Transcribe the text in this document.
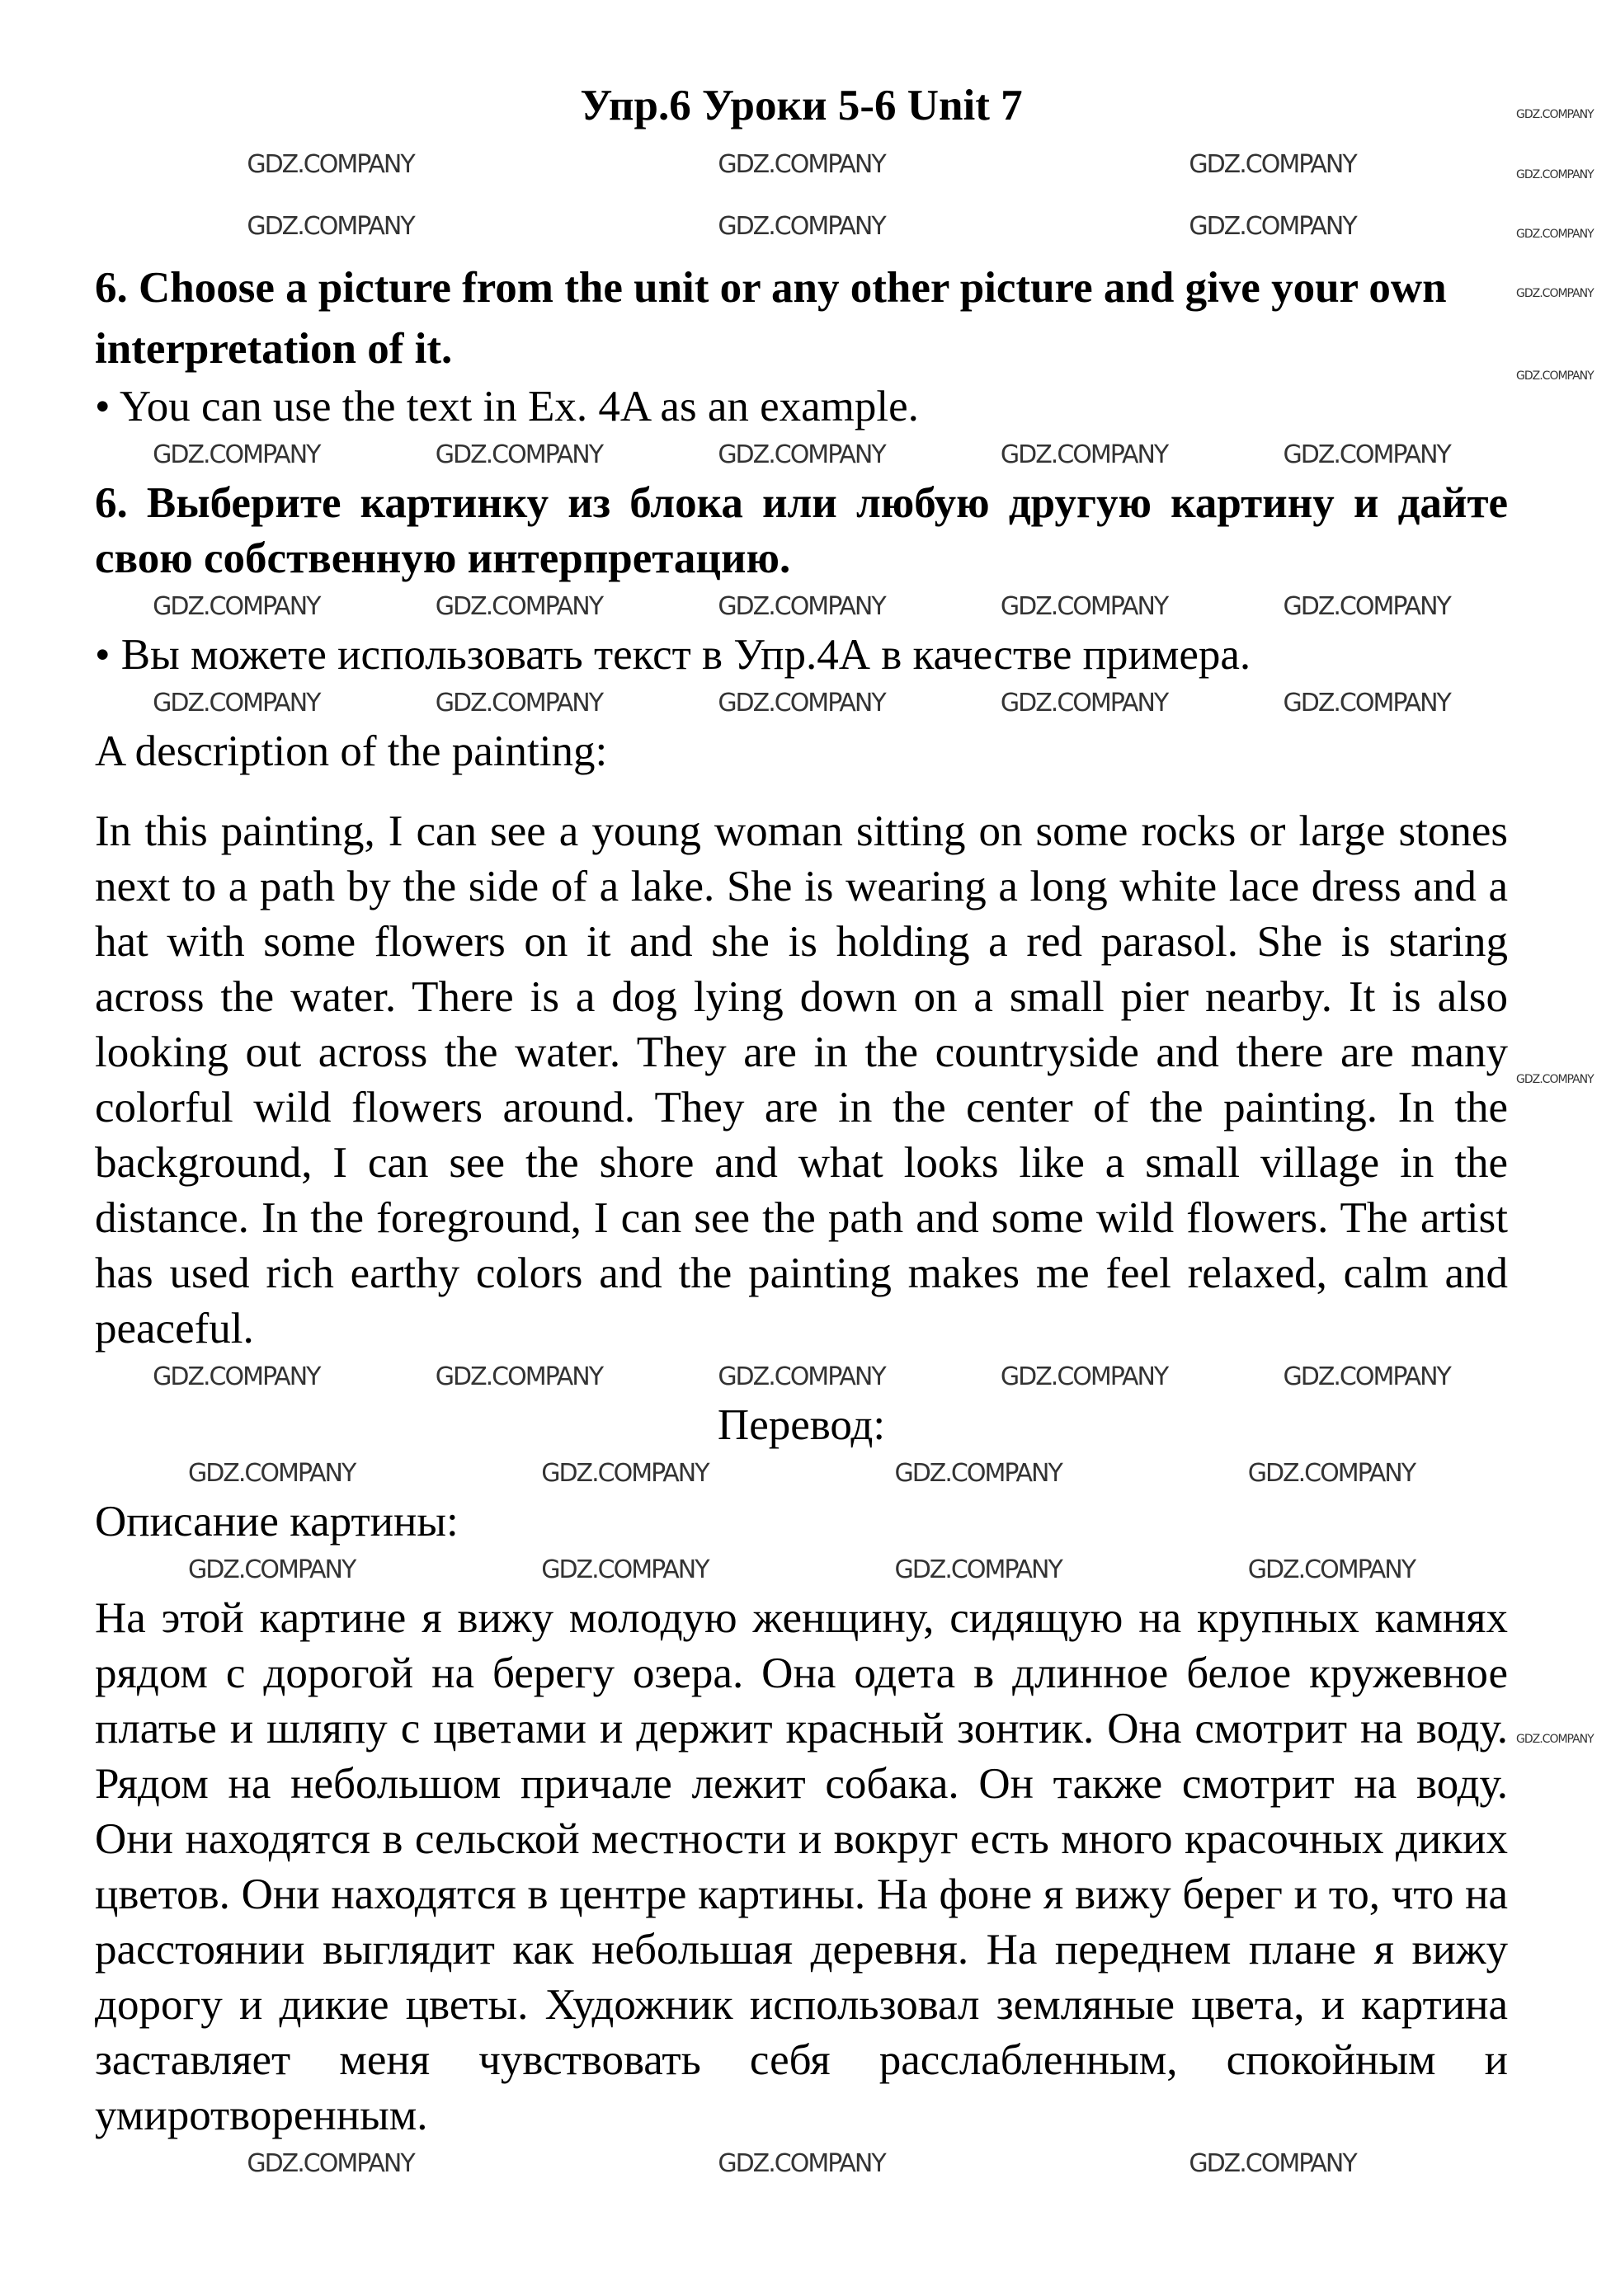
GDZ.COMPANY
GDZ.COMPANY
GDZ.COMPANY
GDZ.COMPANY
GDZ.COMPANY
GDZ.COMPANY
GDZ.COMPANY
Упр.6 Уроки 5-6 Unit 7
GDZ.COMPANY	GDZ.COMPANY	GDZ.COMPANY
GDZ.COMPANY	GDZ.COMPANY	GDZ.COMPANY
6. Choose a picture from the unit or any other picture and give your own interpretation of it.
• You can use the text in Ex. 4A as an example.
GDZ.COMPANY	GDZ.COMPANY	GDZ.COMPANY	GDZ.COMPANY	GDZ.COMPANY
6. Выберите картинку из блока или любую другую картину и дайте свою собственную интерпретацию.
GDZ.COMPANY	GDZ.COMPANY	GDZ.COMPANY	GDZ.COMPANY	GDZ.COMPANY
• Вы можете использовать текст в Упр.4А в качестве примера.
GDZ.COMPANY	GDZ.COMPANY	GDZ.COMPANY	GDZ.COMPANY	GDZ.COMPANY
A description of the painting:
In this painting, I can see a young woman sitting on some rocks or large stones next to a path by the side of a lake. She is wearing a long white lace dress and a hat with some flowers on it and she is holding a red parasol. She is staring across the water. There is a dog lying down on a small pier nearby. It is also looking out across the water. They are in the countryside and there are many colorful wild flowers around. They are in the center of the painting. In the background, I can see the shore and what looks like a small village in the distance. In the foreground, I can see the path and some wild flowers. The artist has used rich earthy colors and the painting makes me feel relaxed, calm and peaceful.
GDZ.COMPANY	GDZ.COMPANY	GDZ.COMPANY	GDZ.COMPANY	GDZ.COMPANY
Перевод:
GDZ.COMPANY	GDZ.COMPANY	GDZ.COMPANY	GDZ.COMPANY
Описание картины:
GDZ.COMPANY	GDZ.COMPANY	GDZ.COMPANY	GDZ.COMPANY
На этой картине я вижу молодую женщину, сидящую на крупных камнях рядом с дорогой на берегу озера. Она одета в длинное белое кружевное платье и шляпу с цветами и держит красный зонтик. Она смотрит на воду. Рядом на небольшом причале лежит собака. Он также смотрит на воду. Они находятся в сельской местности и вокруг есть много красочных диких цветов. Они находятся в центре картины. На фоне я вижу берег и то, что на расстоянии выглядит как небольшая деревня. На переднем плане я вижу дорогу и дикие цветы. Художник использовал земляные цвета, и картина заставляет меня чувствовать себя расслабленным, спокойным и умиротворенным.
GDZ.COMPANY	GDZ.COMPANY	GDZ.COMPANY
